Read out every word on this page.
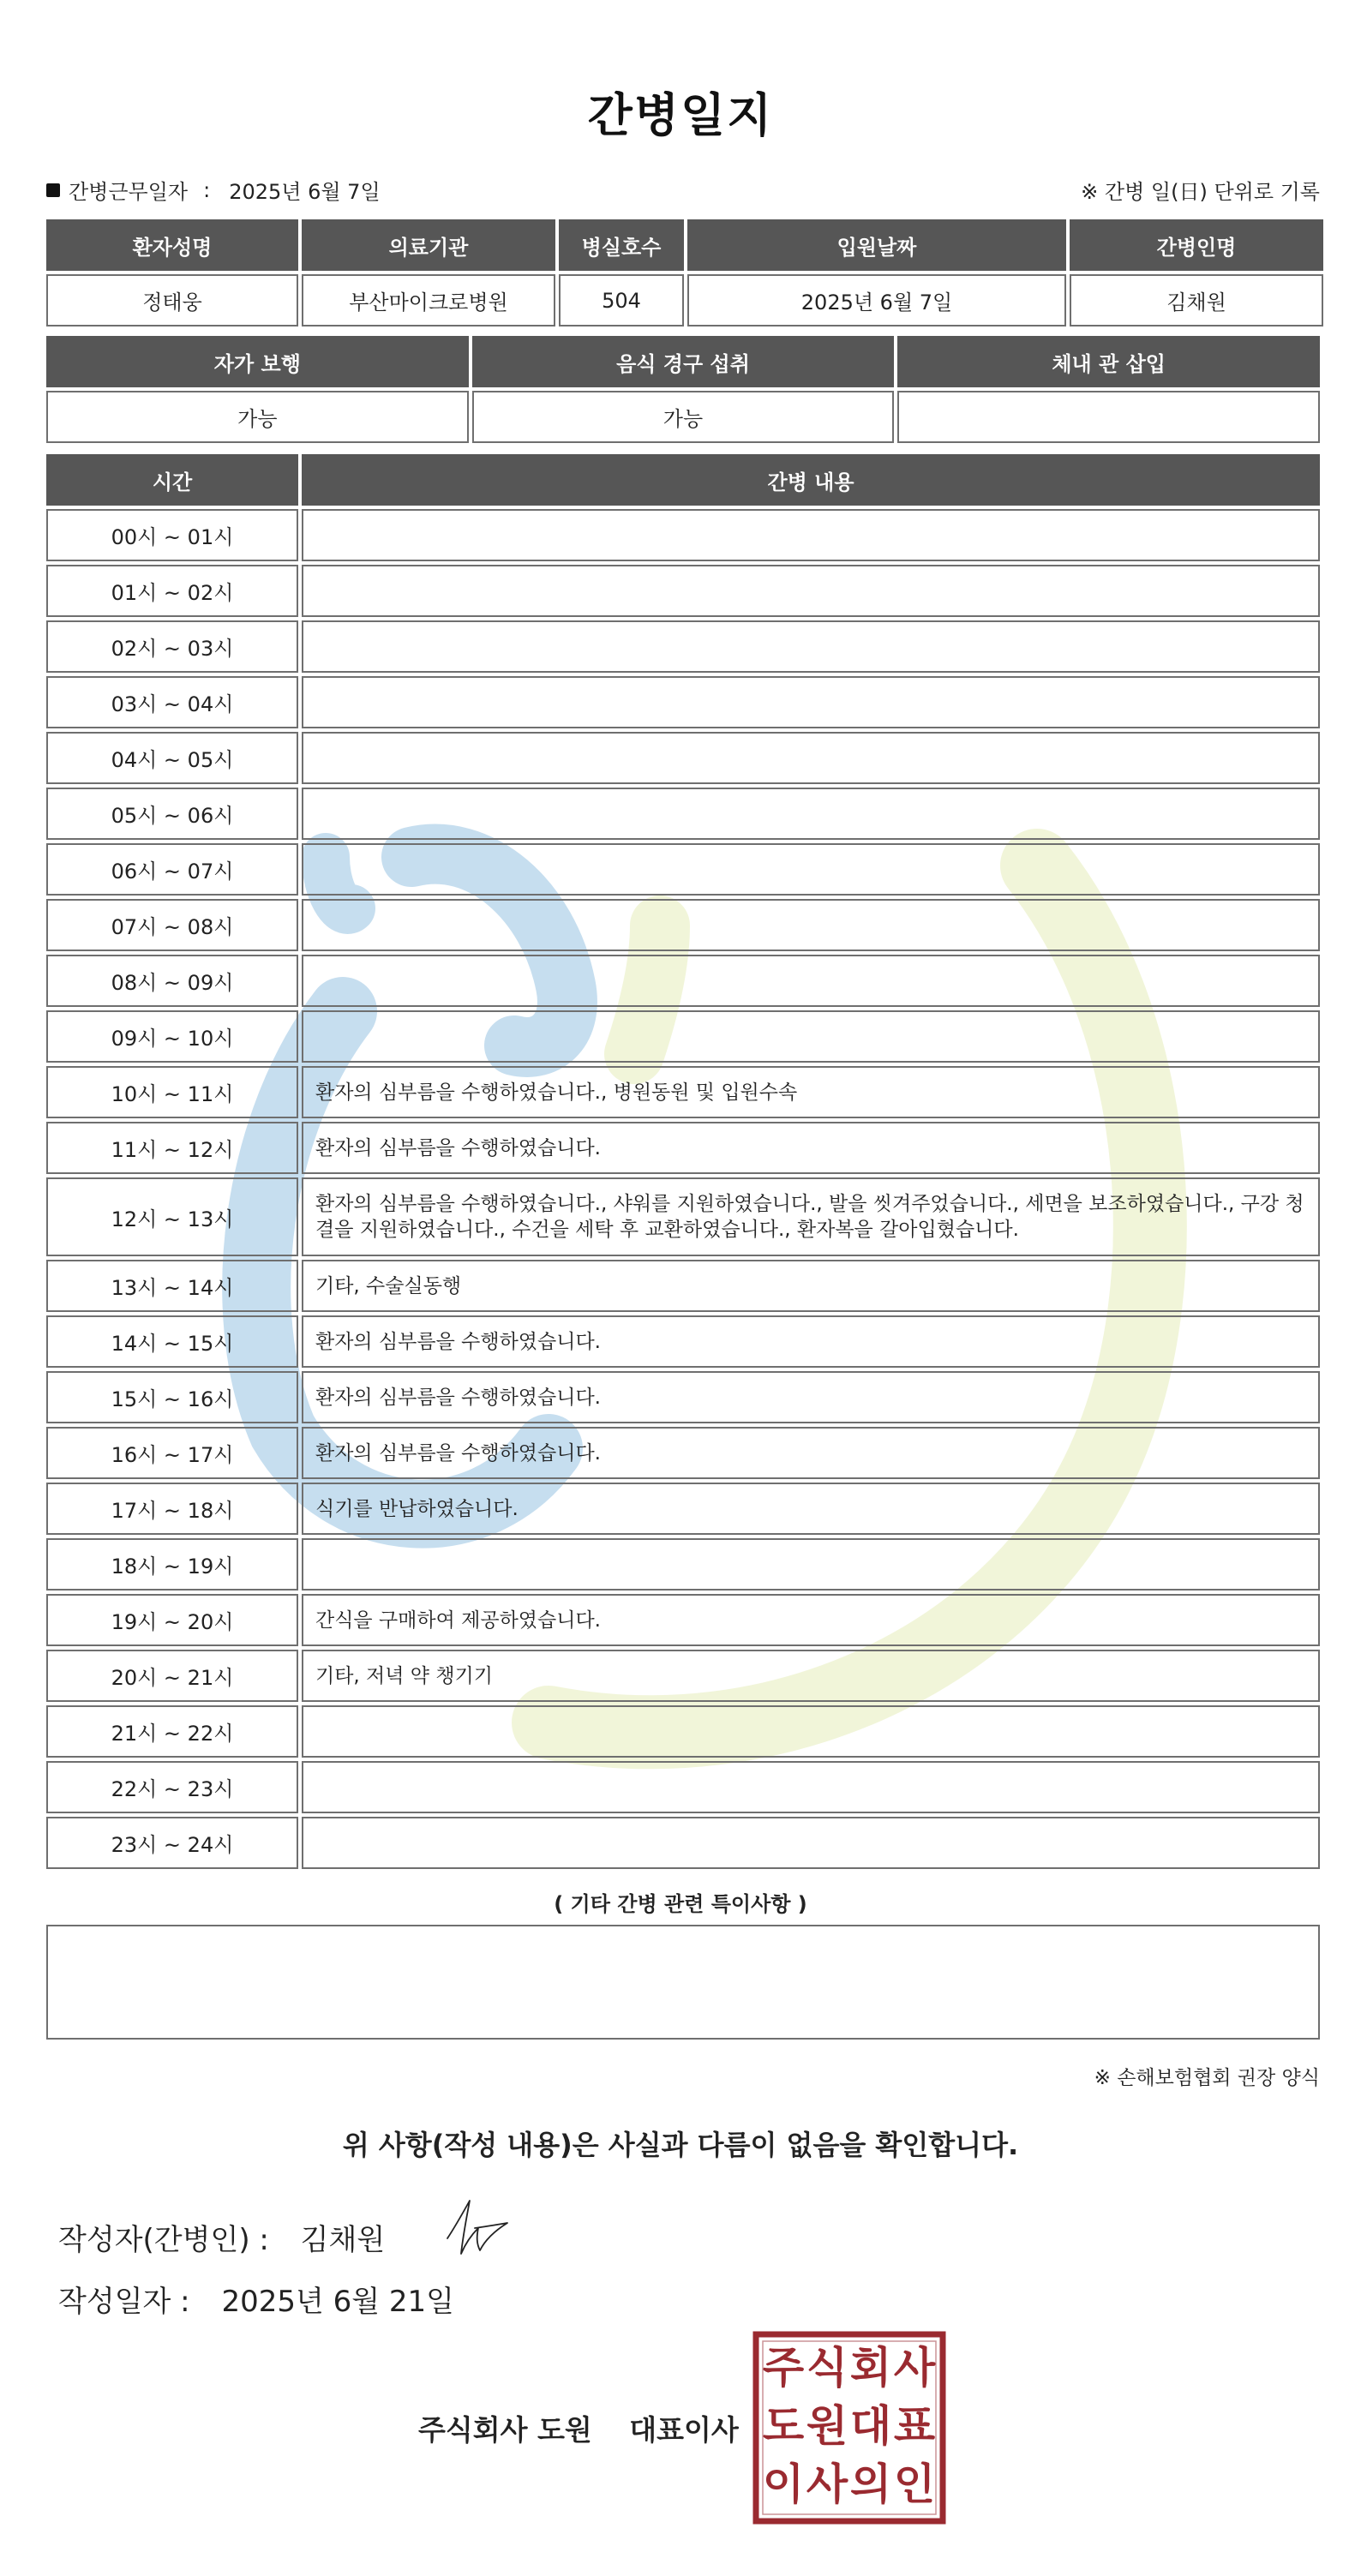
간병일지
간병근무일자 : 2025년 6월 7일	※ 간병 일(日) 단위로 기록
환자성명	의료기관	병실호수	입원날짜	간병인명
정태웅	부산마이크로병원	504	2025년 6월 7일	김채원
자가 보행	음식 경구 섭취	체내 관 삽입
가능	가능	
시간	간병 내용
00시 ~ 01시	
01시 ~ 02시	
02시 ~ 03시	
03시 ~ 04시	
04시 ~ 05시	
05시 ~ 06시	
06시 ~ 07시	
07시 ~ 08시	
08시 ~ 09시	
09시 ~ 10시	
10시 ~ 11시	환자의 심부름을 수행하였습니다., 병원동원 및 입원수속
11시 ~ 12시	환자의 심부름을 수행하였습니다.
12시 ~ 13시	환자의 심부름을 수행하였습니다., 샤워를 지원하였습니다., 발을 씻겨주었습니다., 세면을 보조하였습니다., 구강 청결을 지원하였습니다., 수건을 세탁 후 교환하였습니다., 환자복을 갈아입혔습니다.
13시 ~ 14시	기타, 수술실동행
14시 ~ 15시	환자의 심부름을 수행하였습니다.
15시 ~ 16시	환자의 심부름을 수행하였습니다.
16시 ~ 17시	환자의 심부름을 수행하였습니다.
17시 ~ 18시	식기를 반납하였습니다.
18시 ~ 19시	
19시 ~ 20시	간식을 구매하여 제공하였습니다.
20시 ~ 21시	기타, 저녁 약 챙기기
21시 ~ 22시	
22시 ~ 23시	
23시 ~ 24시	
( 기타 간병 관련 특이사항 )
※ 손해보험협회 권장 양식
위 사항(작성 내용)은 사실과 다름이 없음을 확인합니다.
작성자(간병인) : 김채원
작성일자 : 2025년 6월 21일
주식회사 도원 대표이사
주 식 회 사
도 원 대 표
이 사 의 인
